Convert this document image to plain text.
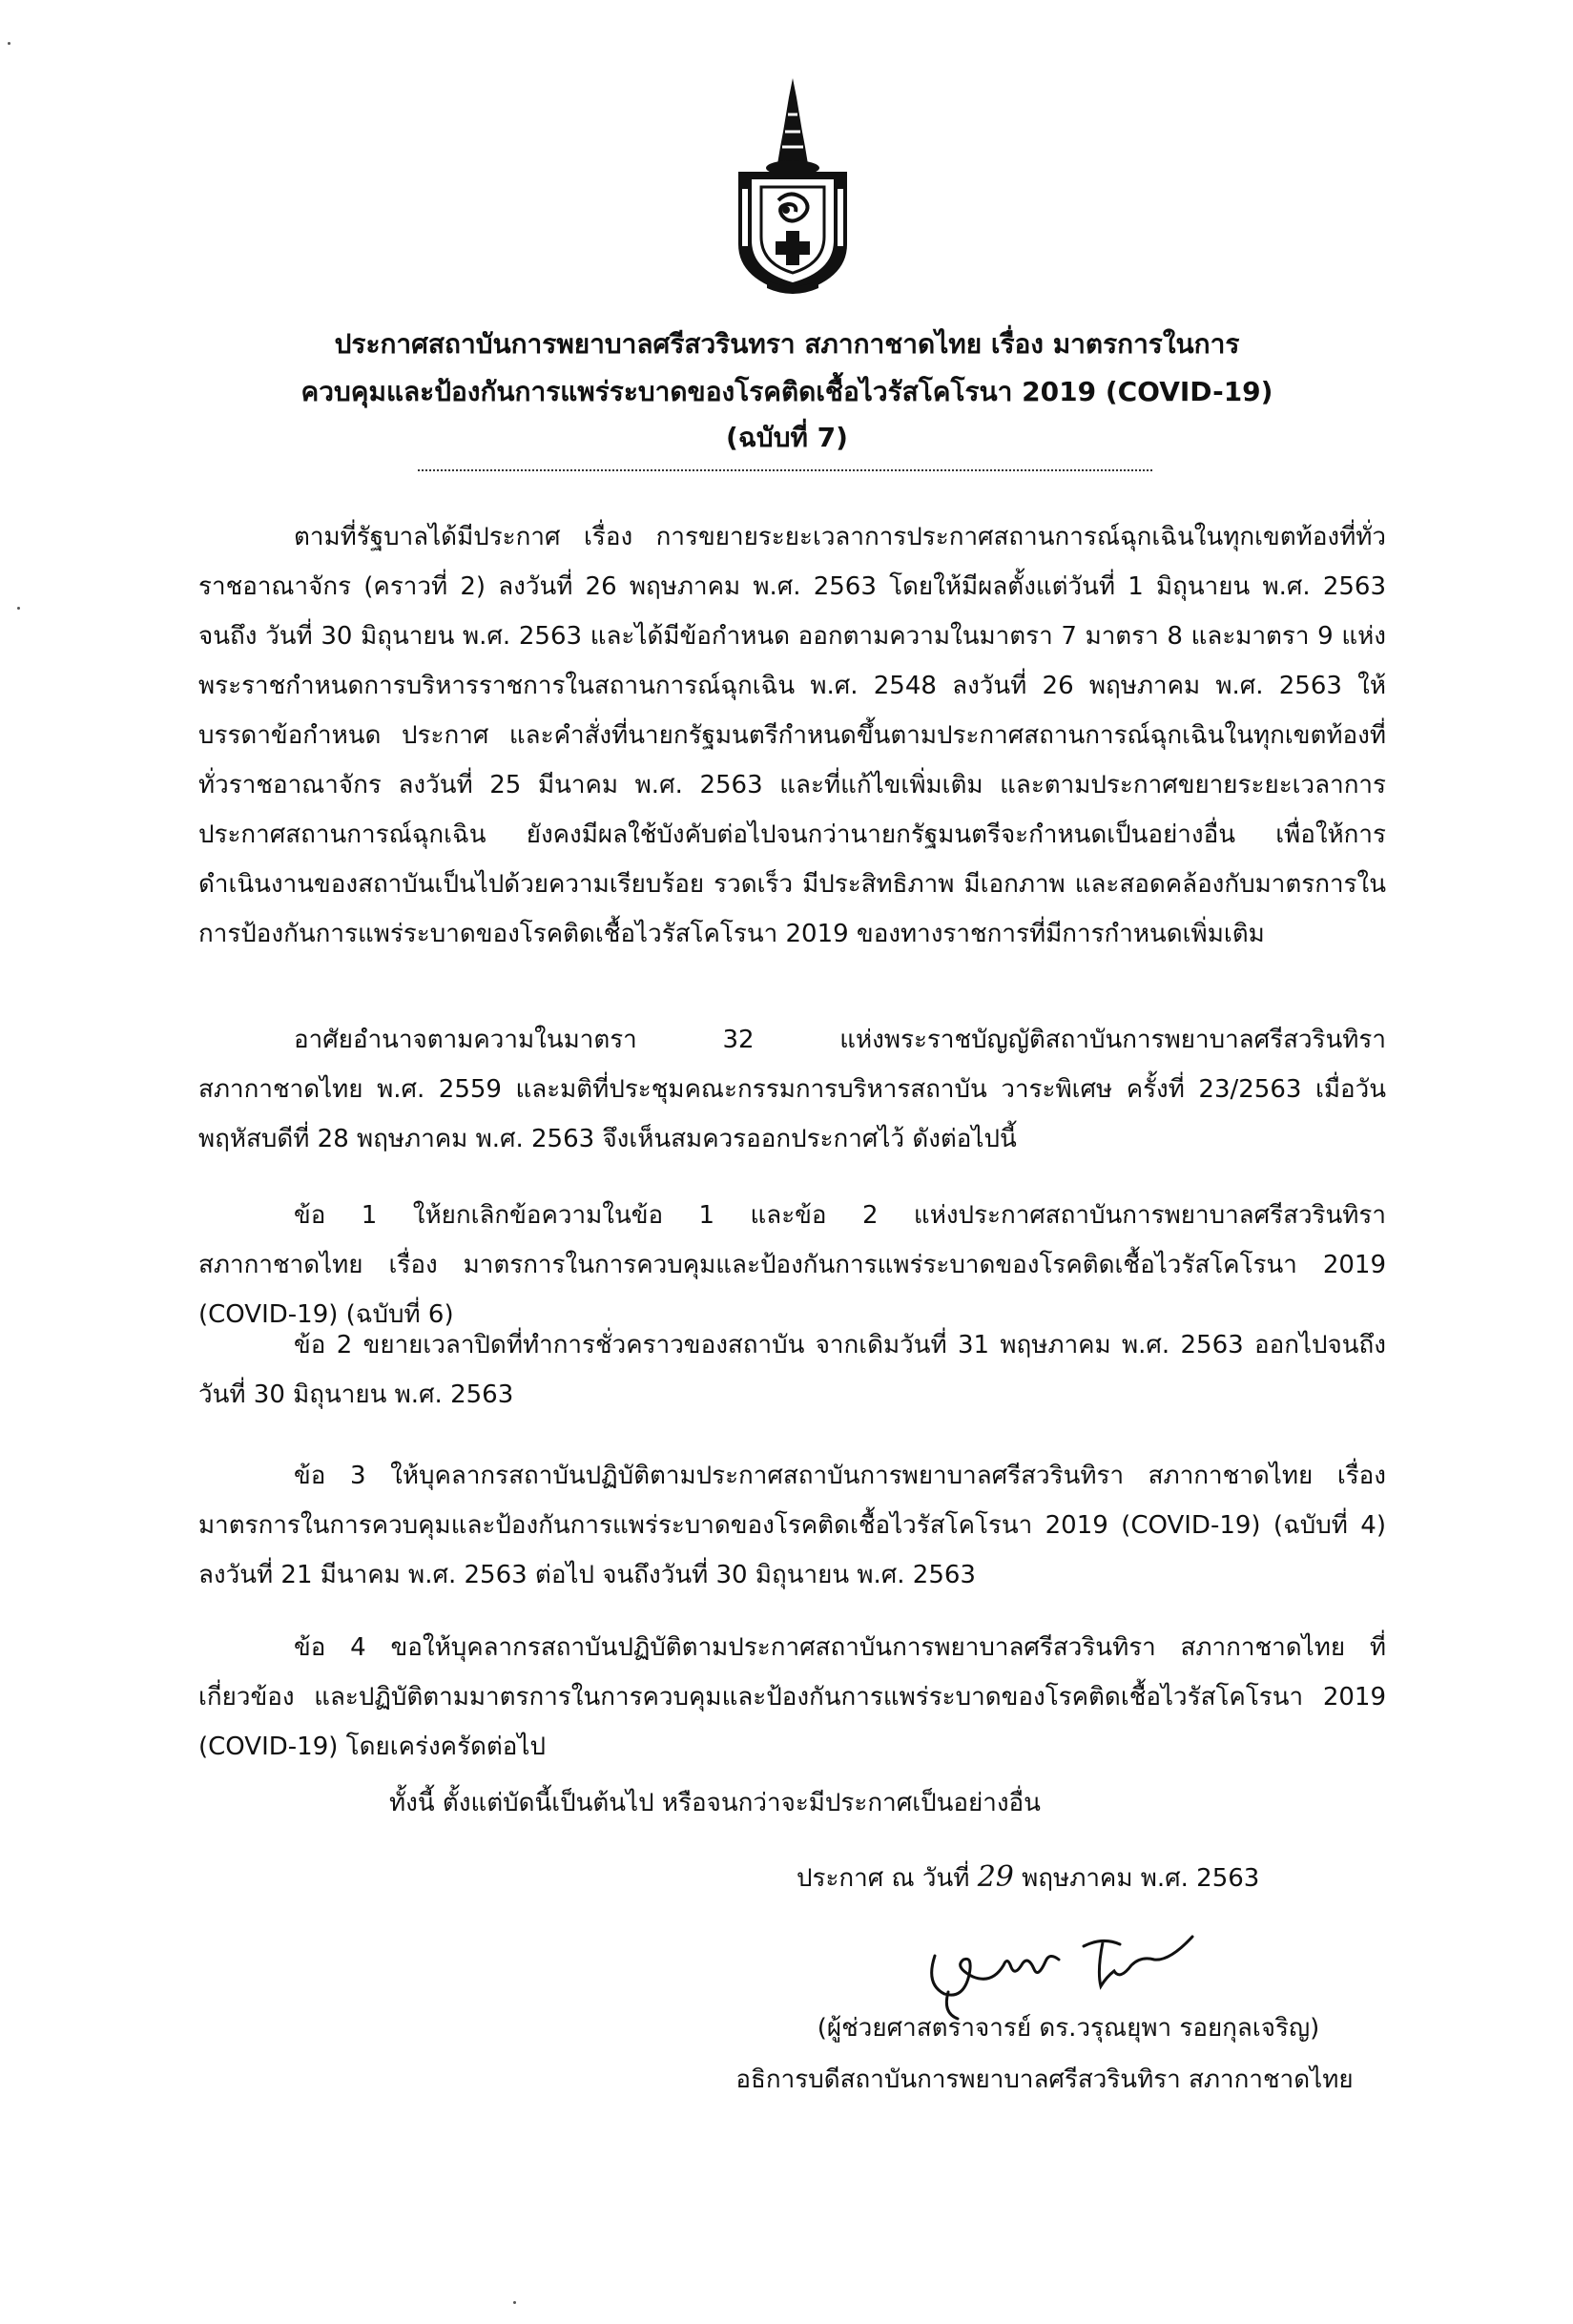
ประกาศสถาบันการพยาบาลศรีสวรินทรา สภากาชาดไทย เรื่อง มาตรการในการ
ควบคุมและป้องกันการแพร่ระบาดของโรคติดเชื้อไวรัสโคโรนา 2019 (COVID-19)
(ฉบับที่ 7)

ตามที่รัฐบาลได้มีประกาศ เรื่อง การขยายระยะเวลาการประกาศสถานการณ์ฉุกเฉินในทุกเขตท้องที่ทั่วราชอาณาจักร (คราวที่ 2) ลงวันที่ 26 พฤษภาคม พ.ศ. 2563 โดยให้มีผลตั้งแต่วันที่ 1 มิถุนายน พ.ศ. 2563 จนถึง วันที่ 30 มิถุนายน พ.ศ. 2563 และได้มีข้อกำหนด ออกตามความในมาตรา 7 มาตรา 8 และมาตรา 9 แห่งพระราชกำหนดการบริหารราชการในสถานการณ์ฉุกเฉิน พ.ศ. 2548 ลงวันที่ 26 พฤษภาคม พ.ศ. 2563 ให้บรรดาข้อกำหนด ประกาศ และคำสั่งที่นายกรัฐมนตรีกำหนดขึ้นตามประกาศสถานการณ์ฉุกเฉินในทุกเขตท้องที่ทั่วราชอาณาจักร ลงวันที่ 25 มีนาคม พ.ศ. 2563 และที่แก้ไขเพิ่มเติม และตามประกาศขยายระยะเวลาการประกาศสถานการณ์ฉุกเฉิน ยังคงมีผลใช้บังคับต่อไปจนกว่านายกรัฐมนตรีจะกำหนดเป็นอย่างอื่น เพื่อให้การดำเนินงานของสถาบันเป็นไปด้วยความเรียบร้อย รวดเร็ว มีประสิทธิภาพ มีเอกภาพ และสอดคล้องกับมาตรการในการป้องกันการแพร่ระบาดของโรคติดเชื้อไวรัสโคโรนา 2019 ของทางราชการที่มีการกำหนดเพิ่มเติม

อาศัยอำนาจตามความในมาตรา 32 แห่งพระราชบัญญัติสถาบันการพยาบาลศรีสวรินทิรา สภากาชาดไทย พ.ศ. 2559 และมติที่ประชุมคณะกรรมการบริหารสถาบัน วาระพิเศษ ครั้งที่ 23/2563 เมื่อวันพฤหัสบดีที่ 28 พฤษภาคม พ.ศ. 2563 จึงเห็นสมควรออกประกาศไว้ ดังต่อไปนี้

ข้อ 1 ให้ยกเลิกข้อความในข้อ 1 และข้อ 2 แห่งประกาศสถาบันการพยาบาลศรีสวรินทิรา สภากาชาดไทย เรื่อง มาตรการในการควบคุมและป้องกันการแพร่ระบาดของโรคติดเชื้อไวรัสโคโรนา 2019 (COVID-19) (ฉบับที่ 6)

ข้อ 2 ขยายเวลาปิดที่ทำการชั่วคราวของสถาบัน จากเดิมวันที่ 31 พฤษภาคม พ.ศ. 2563 ออกไปจนถึง วันที่ 30 มิถุนายน พ.ศ. 2563

ข้อ 3 ให้บุคลากรสถาบันปฏิบัติตามประกาศสถาบันการพยาบาลศรีสวรินทิรา สภากาชาดไทย เรื่อง มาตรการในการควบคุมและป้องกันการแพร่ระบาดของโรคติดเชื้อไวรัสโคโรนา 2019 (COVID-19) (ฉบับที่ 4) ลงวันที่ 21 มีนาคม พ.ศ. 2563 ต่อไป จนถึงวันที่ 30 มิถุนายน พ.ศ. 2563

ข้อ 4 ขอให้บุคลากรสถาบันปฏิบัติตามประกาศสถาบันการพยาบาลศรีสวรินทิรา สภากาชาดไทย ที่เกี่ยวข้อง และปฏิบัติตามมาตรการในการควบคุมและป้องกันการแพร่ระบาดของโรคติดเชื้อไวรัสโคโรนา 2019 (COVID-19) โดยเคร่งครัดต่อไป

ทั้งนี้ ตั้งแต่บัดนี้เป็นต้นไป หรือจนกว่าจะมีประกาศเป็นอย่างอื่น

ประกาศ ณ วันที่ 29 พฤษภาคม พ.ศ. 2563
(ผู้ช่วยศาสตราจารย์ ดร.วรุณยุพา รอยกุลเจริญ)
อธิการบดีสถาบันการพยาบาลศรีสวรินทิรา สภากาชาดไทย
